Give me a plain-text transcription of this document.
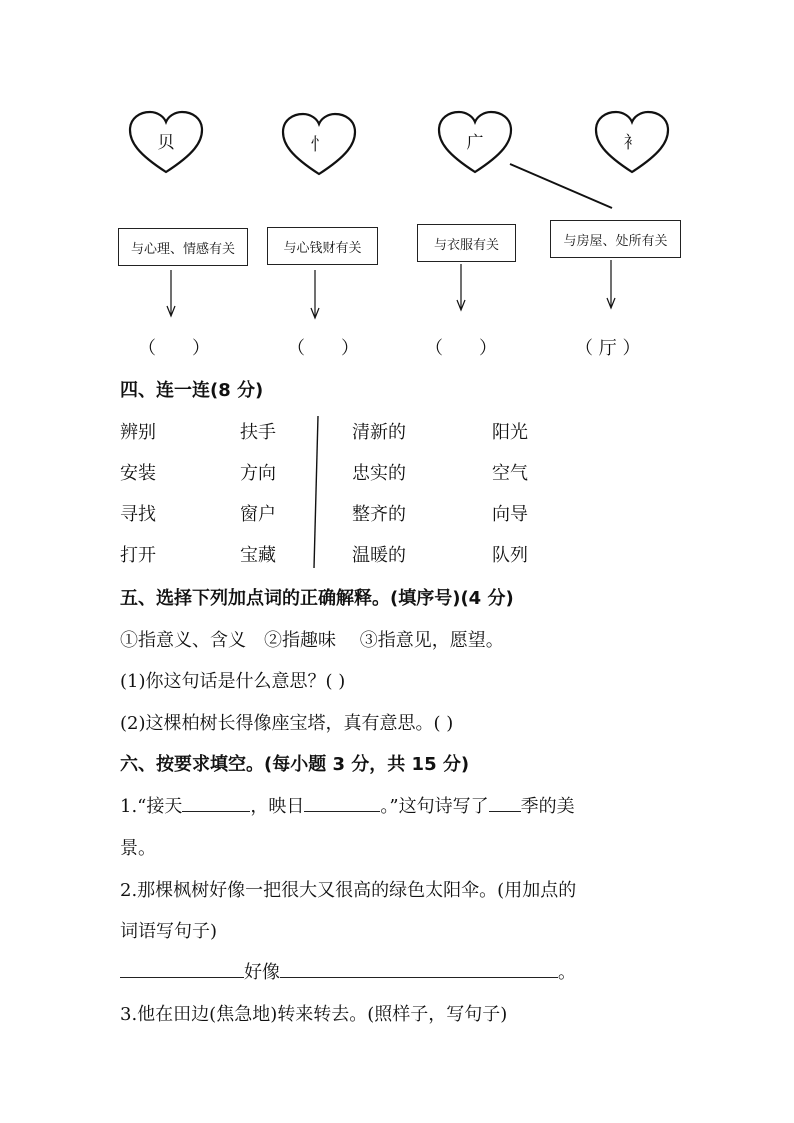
贝	忄	广	衤
与心理、情感有关	与心钱财有关	与衣服有关	与房屋、处所有关
（　　）	（　　）	（　　）	（ 厅 ）
四、连一连(8 分)
辨别
安装
寻找
打开
扶手
方向
窗户
宝藏
清新的
忠实的
整齐的
温暖的
阳光
空气
向导
队列
五、选择下列加点词的正确解释。(填序号)(4 分)
①指意义、含义　②指趣味　 ③指意见，愿望。
(1)你这句话是什么意思？( )
(2)这棵柏树长得像座宝塔，真有意思。( )
六、按要求填空。(每小题 3 分，共 15 分)
1.“接天	，映日	。”这句诗写了 季的美
景。
2.那棵枫树好像一把很大又很高的绿色太阳伞。(用加点的
词语写句子)
好像	。
3.他在田边(焦急地)转来转去。(照样子，写句子)
